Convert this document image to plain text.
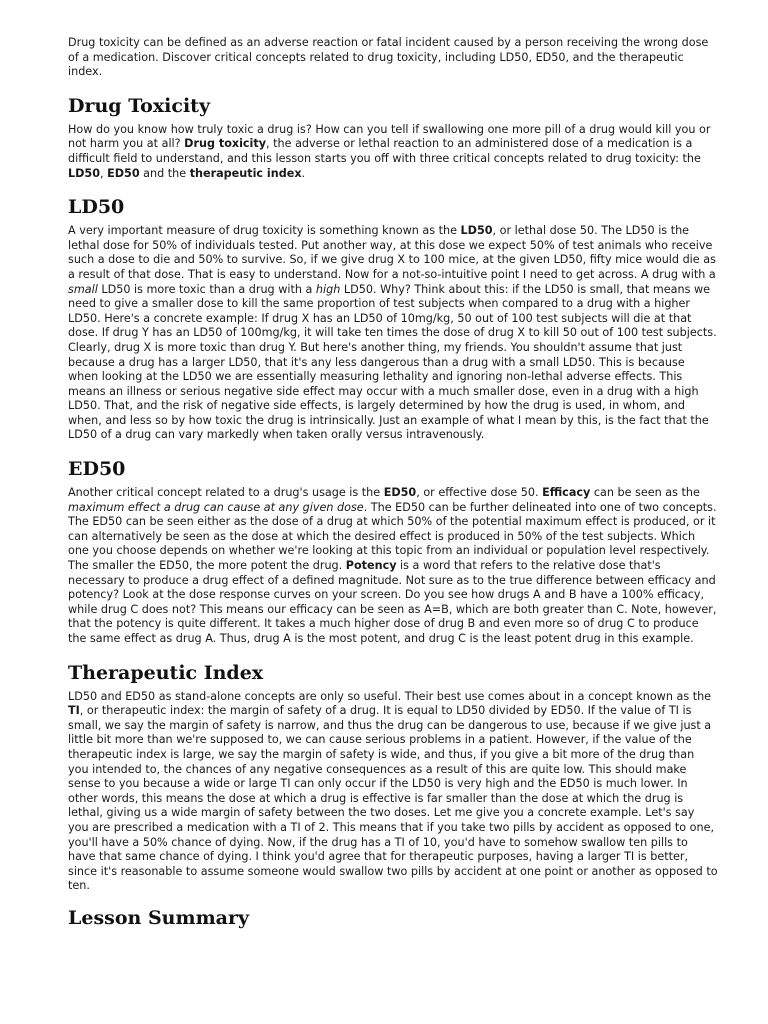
Drug toxicity can be defined as an adverse reaction or fatal incident caused by a person receiving the wrong dose of a medication. Discover critical concepts related to drug toxicity, including LD50, ED50, and the therapeutic index.

Drug Toxicity

How do you know how truly toxic a drug is? How can you tell if swallowing one more pill of a drug would kill you or not harm you at all? Drug toxicity, the adverse or lethal reaction to an administered dose of a medication is a difficult field to understand, and this lesson starts you off with three critical concepts related to drug toxicity: the LD50, ED50 and the therapeutic index.

LD50

A very important measure of drug toxicity is something known as the LD50, or lethal dose 50. The LD50 is the lethal dose for 50% of individuals tested. Put another way, at this dose we expect 50% of test animals who receive such a dose to die and 50% to survive. So, if we give drug X to 100 mice, at the given LD50, fifty mice would die as a result of that dose. That is easy to understand. Now for a not-so-intuitive point I need to get across. A drug with a small LD50 is more toxic than a drug with a high LD50. Why? Think about this: if the LD50 is small, that means we need to give a smaller dose to kill the same proportion of test subjects when compared to a drug with a higher LD50. Here's a concrete example: If drug X has an LD50 of 10mg/kg, 50 out of 100 test subjects will die at that dose. If drug Y has an LD50 of 100mg/kg, it will take ten times the dose of drug X to kill 50 out of 100 test subjects. Clearly, drug X is more toxic than drug Y. But here's another thing, my friends. You shouldn't assume that just because a drug has a larger LD50, that it's any less dangerous than a drug with a small LD50. This is because when looking at the LD50 we are essentially measuring lethality and ignoring non-lethal adverse effects. This means an illness or serious negative side effect may occur with a much smaller dose, even in a drug with a high LD50. That, and the risk of negative side effects, is largely determined by how the drug is used, in whom, and when, and less so by how toxic the drug is intrinsically. Just an example of what I mean by this, is the fact that the LD50 of a drug can vary markedly when taken orally versus intravenously.

ED50

Another critical concept related to a drug's usage is the ED50, or effective dose 50. Efficacy can be seen as the maximum effect a drug can cause at any given dose. The ED50 can be further delineated into one of two concepts. The ED50 can be seen either as the dose of a drug at which 50% of the potential maximum effect is produced, or it can alternatively be seen as the dose at which the desired effect is produced in 50% of the test subjects. Which one you choose depends on whether we're looking at this topic from an individual or population level respectively. The smaller the ED50, the more potent the drug. Potency is a word that refers to the relative dose that's necessary to produce a drug effect of a defined magnitude. Not sure as to the true difference between efficacy and potency? Look at the dose response curves on your screen. Do you see how drugs A and B have a 100% efficacy, while drug C does not? This means our efficacy can be seen as A=B, which are both greater than C. Note, however, that the potency is quite different. It takes a much higher dose of drug B and even more so of drug C to produce the same effect as drug A. Thus, drug A is the most potent, and drug C is the least potent drug in this example.

Therapeutic Index

LD50 and ED50 as stand-alone concepts are only so useful. Their best use comes about in a concept known as the TI, or therapeutic index: the margin of safety of a drug. It is equal to LD50 divided by ED50. If the value of TI is small, we say the margin of safety is narrow, and thus the drug can be dangerous to use, because if we give just a little bit more than we're supposed to, we can cause serious problems in a patient. However, if the value of the therapeutic index is large, we say the margin of safety is wide, and thus, if you give a bit more of the drug than you intended to, the chances of any negative consequences as a result of this are quite low. This should make sense to you because a wide or large TI can only occur if the LD50 is very high and the ED50 is much lower. In other words, this means the dose at which a drug is effective is far smaller than the dose at which the drug is lethal, giving us a wide margin of safety between the two doses. Let me give you a concrete example. Let's say you are prescribed a medication with a TI of 2. This means that if you take two pills by accident as opposed to one, you'll have a 50% chance of dying. Now, if the drug has a TI of 10, you'd have to somehow swallow ten pills to have that same chance of dying. I think you'd agree that for therapeutic purposes, having a larger TI is better, since it's reasonable to assume someone would swallow two pills by accident at one point or another as opposed to ten.

Lesson Summary
